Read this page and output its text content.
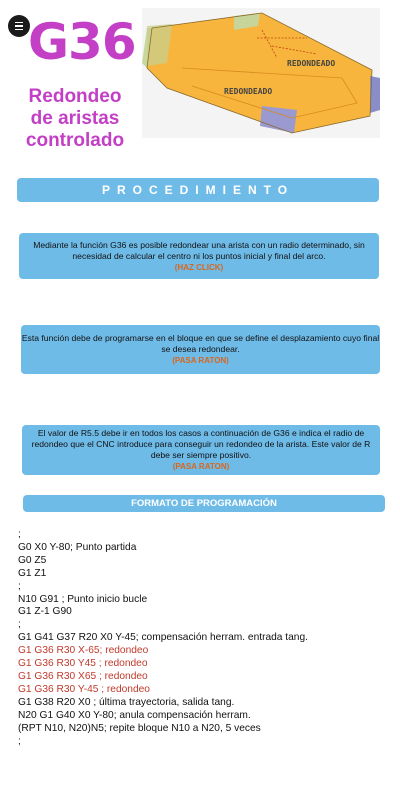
G36
Redondeo
de aristas
controlado
REDONDEADO
REDONDEADO
PROCEDIMIENTO
Mediante la función G36 es posible redondear una arista con un radio determinado, sin necesidad de calcular el centro ni los puntos inicial y final del arco.
(HAZ CLICK)
Esta función debe de programarse en el bloque en que se define el desplazamiento cuyo final se desea redondear.
(PASA RATON)
El valor de R5.5 debe ir en todos los casos a continuación de G36 e indica el radio de redondeo que el CNC introduce para conseguir un redondeo de la arista. Este valor de R debe ser siempre positivo.
(PASA RATON)
FORMATO DE PROGRAMACIÓN
;
G0 X0 Y-80; Punto partida
G0 Z5
G1 Z1
;
N10 G91 ; Punto inicio bucle
G1 Z-1 G90
;
G1 G41 G37 R20 X0 Y-45; compensación herram. entrada tang.
G1 G36 R30 X-65; redondeo
G1 G36 R30 Y45 ; redondeo
G1 G36 R30 X65 ; redondeo
G1 G36 R30 Y-45 ; redondeo
G1 G38 R20 X0 ; última trayectoria, salida tang.
N20 G1 G40 X0 Y-80; anula compensación herram.
(RPT N10, N20)N5; repite bloque N10 a N20, 5 veces
;
